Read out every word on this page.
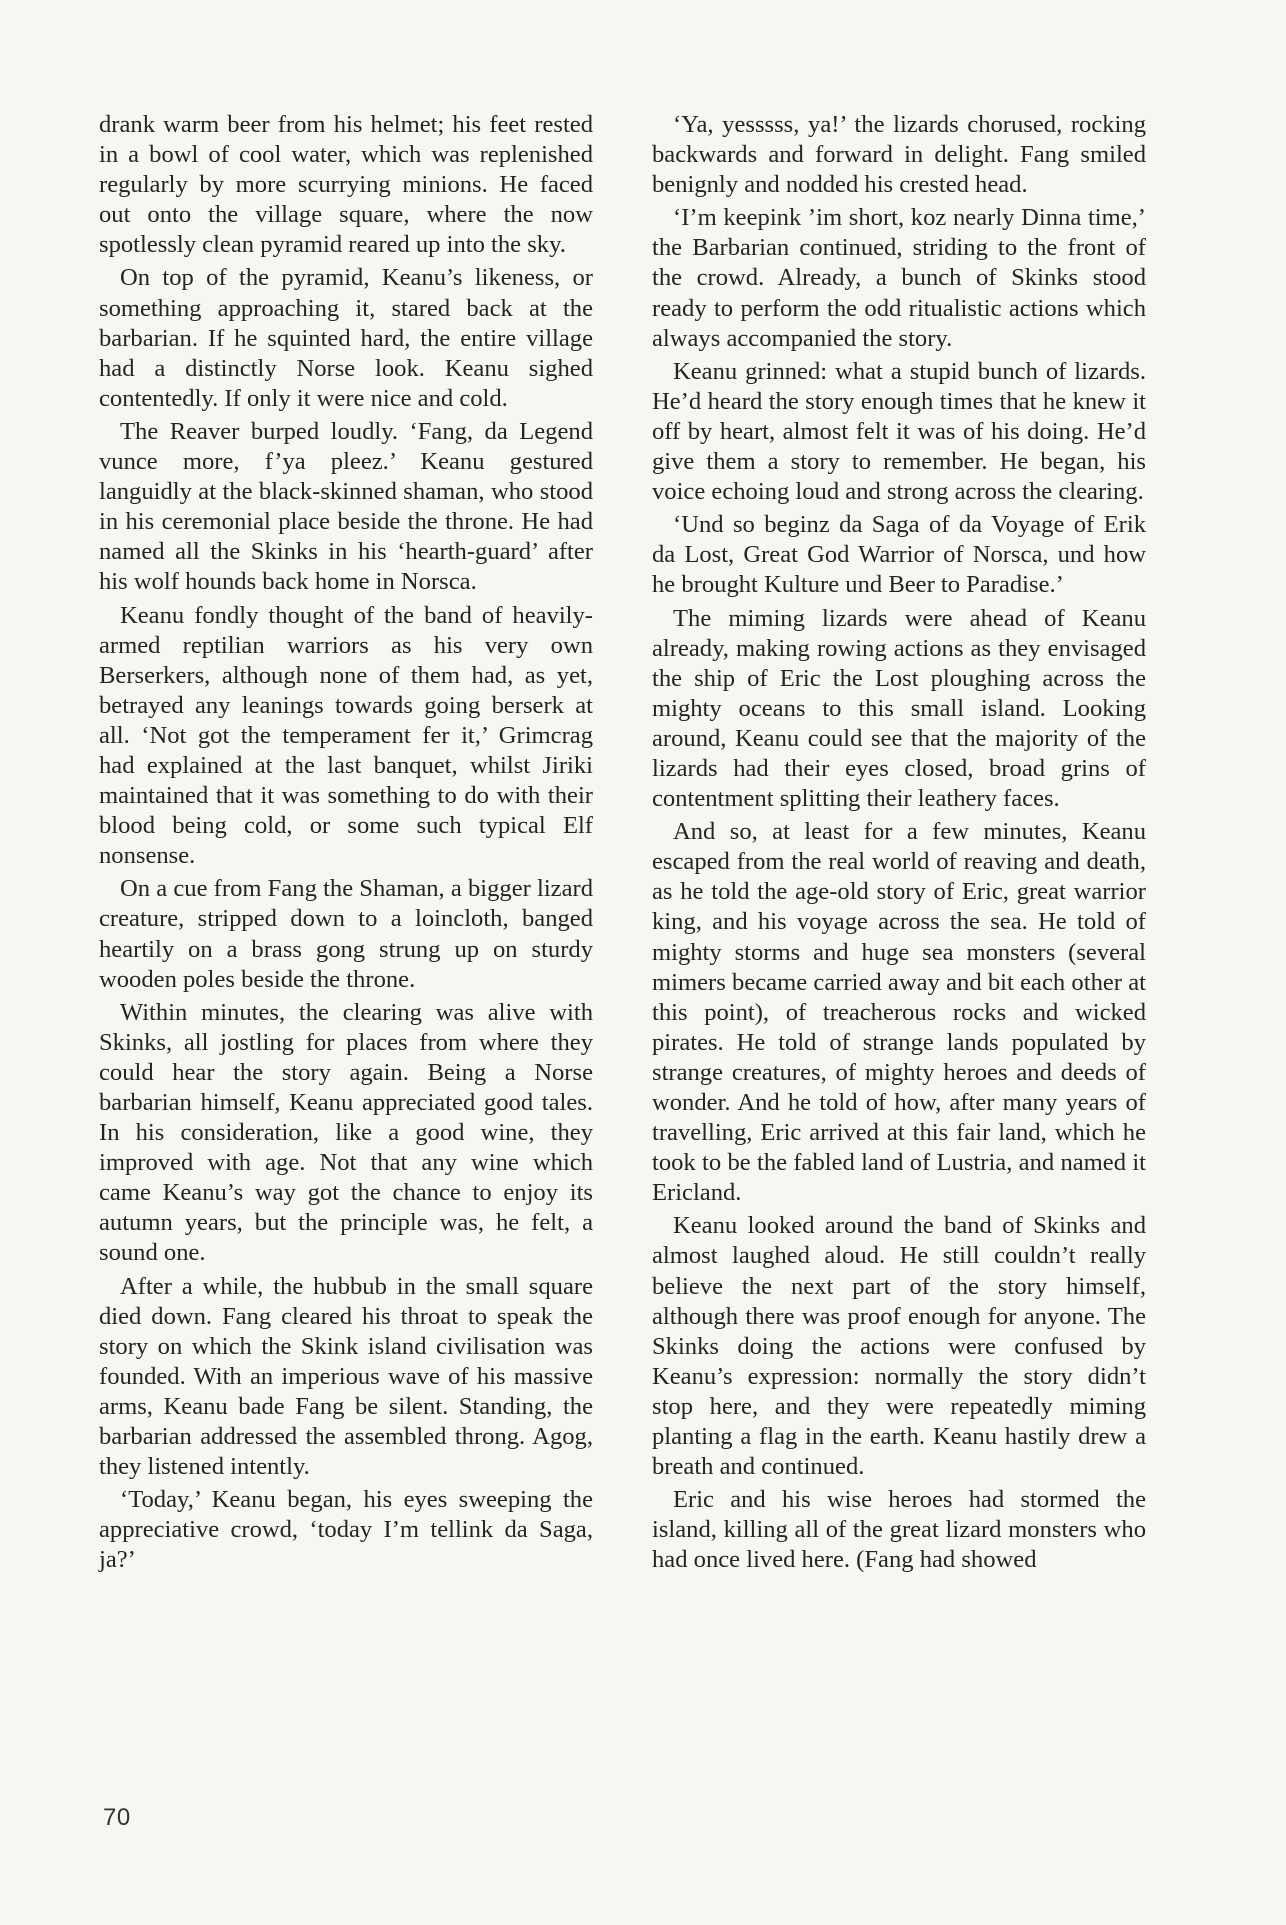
drank warm beer from his helmet; his feet rested in a bowl of cool water, which was replenished regularly by more scurrying minions. He faced out onto the village square, where the now spotlessly clean pyramid reared up into the sky.

On top of the pyramid, Keanu’s likeness, or something approaching it, stared back at the barbarian. If he squinted hard, the entire village had a distinctly Norse look. Keanu sighed contentedly. If only it were nice and cold.

The Reaver burped loudly. ‘Fang, da Legend vunce more, f’ya pleez.’ Keanu gestured languidly at the black-skinned shaman, who stood in his ceremonial place beside the throne. He had named all the Skinks in his ‘hearth-guard’ after his wolf hounds back home in Norsca.

Keanu fondly thought of the band of heavily-armed reptilian warriors as his very own Berserkers, although none of them had, as yet, betrayed any leanings towards going berserk at all. ‘Not got the temperament fer it,’ Grimcrag had explained at the last banquet, whilst Jiriki maintained that it was something to do with their blood being cold, or some such typical Elf nonsense.

On a cue from Fang the Shaman, a bigger lizard creature, stripped down to a loincloth, banged heartily on a brass gong strung up on sturdy wooden poles beside the throne.

Within minutes, the clearing was alive with Skinks, all jostling for places from where they could hear the story again. Being a Norse barbarian himself, Keanu appreciated good tales. In his consideration, like a good wine, they improved with age. Not that any wine which came Keanu’s way got the chance to enjoy its autumn years, but the principle was, he felt, a sound one.

After a while, the hubbub in the small square died down. Fang cleared his throat to speak the story on which the Skink island civilisation was founded. With an imperious wave of his massive arms, Keanu bade Fang be silent. Standing, the barbarian addressed the assembled throng. Agog, they listened intently.

‘Today,’ Keanu began, his eyes sweeping the appreciative crowd, ‘today I’m tellink da Saga, ja?’

‘Ya, yesssss, ya!’ the lizards chorused, rocking backwards and forward in delight. Fang smiled benignly and nodded his crested head.

‘I’m keepink ’im short, koz nearly Dinna time,’ the Barbarian continued, striding to the front of the crowd. Already, a bunch of Skinks stood ready to perform the odd ritualistic actions which always accompanied the story.

Keanu grinned: what a stupid bunch of lizards. He’d heard the story enough times that he knew it off by heart, almost felt it was of his doing. He’d give them a story to remember. He began, his voice echoing loud and strong across the clearing.

‘Und so beginz da Saga of da Voyage of Erik da Lost, Great God Warrior of Norsca, und how he brought Kulture und Beer to Paradise.’

The miming lizards were ahead of Keanu already, making rowing actions as they envisaged the ship of Eric the Lost ploughing across the mighty oceans to this small island. Looking around, Keanu could see that the majority of the lizards had their eyes closed, broad grins of contentment splitting their leathery faces.

And so, at least for a few minutes, Keanu escaped from the real world of reaving and death, as he told the age-old story of Eric, great warrior king, and his voyage across the sea. He told of mighty storms and huge sea monsters (several mimers became carried away and bit each other at this point), of treacherous rocks and wicked pirates. He told of strange lands populated by strange creatures, of mighty heroes and deeds of wonder. And he told of how, after many years of travelling, Eric arrived at this fair land, which he took to be the fabled land of Lustria, and named it Ericland.

Keanu looked around the band of Skinks and almost laughed aloud. He still couldn’t really believe the next part of the story himself, although there was proof enough for anyone. The Skinks doing the actions were confused by Keanu’s expression: normally the story didn’t stop here, and they were repeatedly miming planting a flag in the earth. Keanu hastily drew a breath and continued.

Eric and his wise heroes had stormed the island, killing all of the great lizard monsters who had once lived here. (Fang had showed

70
